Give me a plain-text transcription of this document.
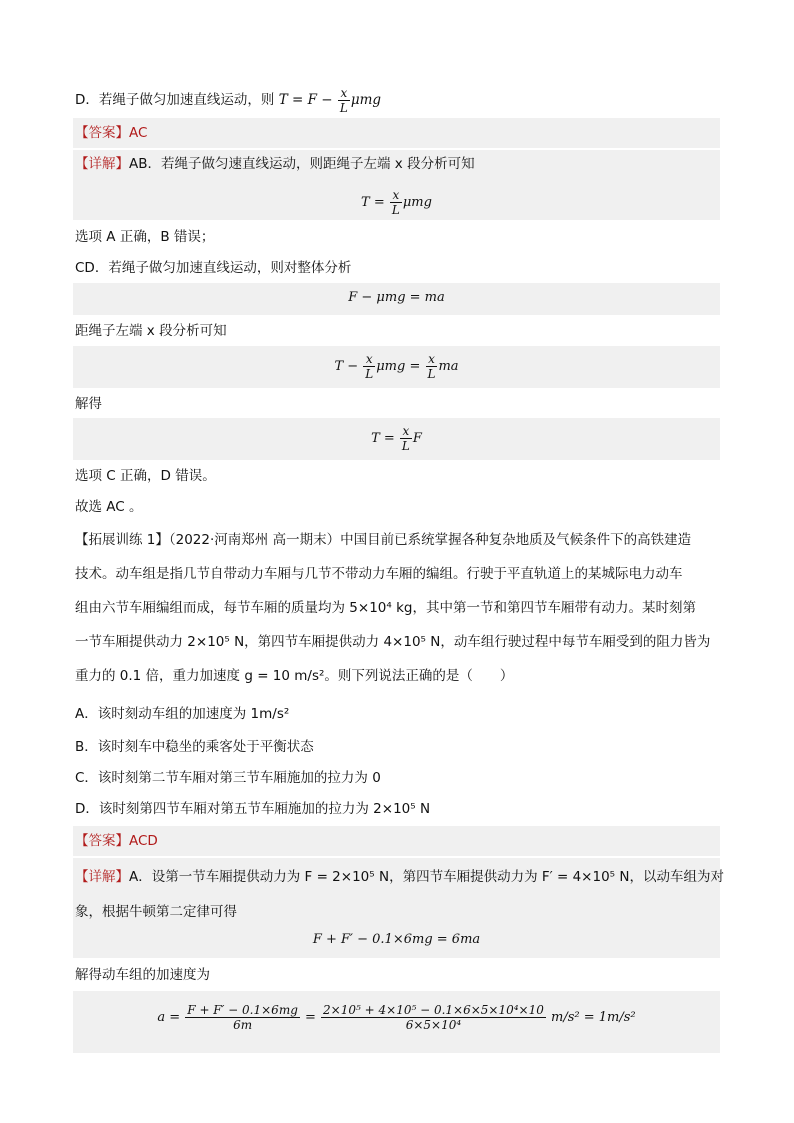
D．若绳子做匀加速直线运动，则 $T = F - \frac{x}{L}$ μmg
【答案】AC
【详解】AB．若绳子做匀速直线运动，则距绳子左端 x 段分析可知
$T = \frac{x}{L}$ μmg
选项 A 正确，B 错误；
CD．若绳子做匀加速直线运动，则对整体分析
F − μmg = ma
距绳子左端 x 段分析可知
$T - \frac{x}{L}$ $\mu mg = \frac{x}{L}$ ma
解得
$T = \frac{x}{L}$ F
选项 C 正确，D 错误。
故选 AC 。
【拓展训练 1】（2022·河南郑州 高一期末）中国目前已系统掌握各种复杂地质及气候条件下的高铁建造
技术。动车组是指几节自带动力车厢与几节不带动力车厢的编组。行驶于平直轨道上的某城际电力动车
组由六节车厢编组而成，每节车厢的质量均为 5×10⁴ kg，其中第一节和第四节车厢带有动力。某时刻第
一节车厢提供动力 2×10⁵ N，第四节车厢提供动力 4×10⁵ N，动车组行驶过程中每节车厢受到的阻力皆为
重力的 0.1 倍，重力加速度 g = 10 m/s²。则下列说法正确的是（　　）
A．该时刻动车组的加速度为 1m/s²
B．该时刻车中稳坐的乘客处于平衡状态
C．该时刻第二节车厢对第三节车厢施加的拉力为 0
D．该时刻第四节车厢对第五节车厢施加的拉力为 2×10⁵ N
【答案】ACD
【详解】A．设第一节车厢提供动力为 F = 2×10⁵ N，第四节车厢提供动力为 F′ = 4×10⁵ N，以动车组为对
象，根据牛顿第二定律可得
F + F′ − 0.1×6mg = 6ma
解得动车组的加速度为
$a = \frac{F + F' - 0.1\times 6mg}{6m} = \frac{\text{2×10⁵ + 4×10⁵ − 0.1×6×5×10⁴×10}}{\text{6×5×10⁴}} m/s^2 = 1m/s^2$
